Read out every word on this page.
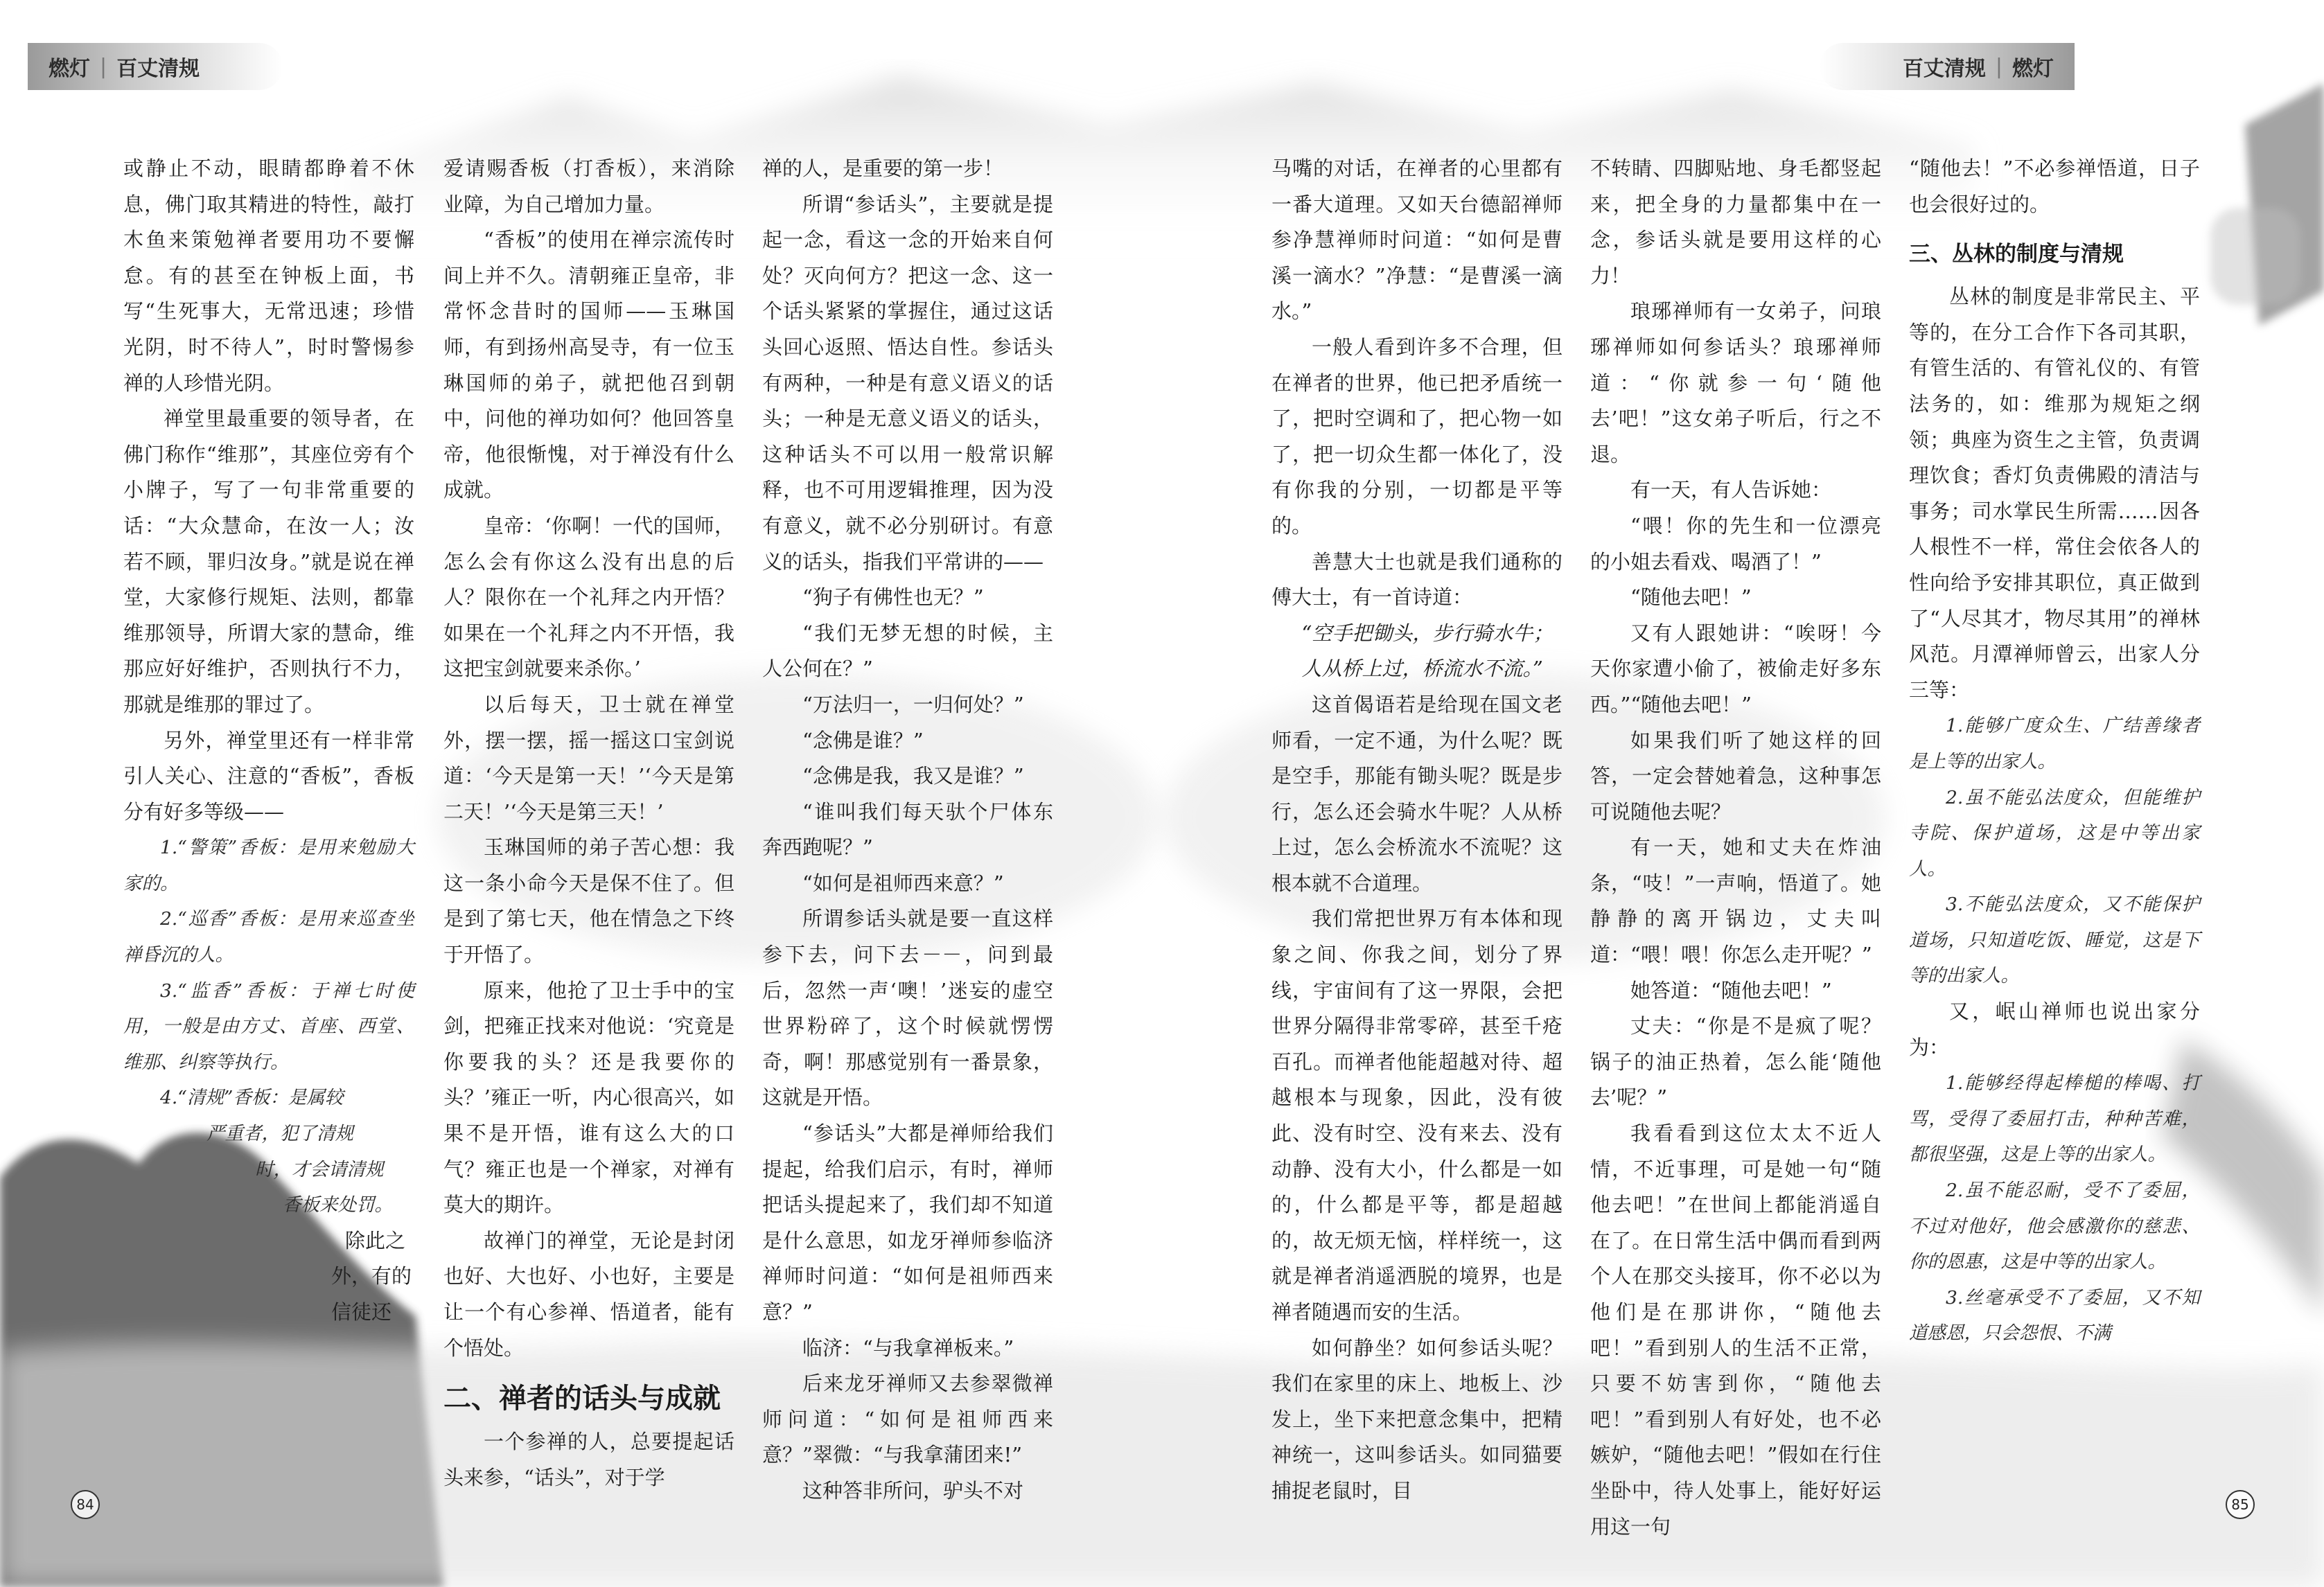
燃灯 | 百丈清规	百丈清规 | 燃灯

或静止不动，眼睛都睁着不休息，佛门取其精进的特性，敲打木鱼来策勉禅者要用功不要懈怠。有的甚至在钟板上面，书写“生死事大，无常迅速；珍惜光阴，时不待人”，时时警惕参禅的人珍惜光阴。

禅堂里最重要的领导者，在佛门称作“维那”，其座位旁有个小牌子，写了一句非常重要的话：“大众慧命，在汝一人；汝若不顾，罪归汝身。”就是说在禅堂，大家修行规矩、法则，都靠维那领导，所谓大家的慧命，维那应好好维护，否则执行不力，那就是维那的罪过了。

另外，禅堂里还有一样非常引人关心、注意的“香板”，香板分有好多等级——

1.“警策”香板：是用来勉励大家的。

2.“巡香”香板：是用来巡查坐禅昏沉的人。

3.“监香”香板：于禅七时使用，一般是由方丈、首座、西堂、维那、纠察等执行。

4.“清规”香板：是属较

严重者，犯了清规

时，才会请清规

香板来处罚。

除此之

外，有的

信徒还

爱请赐香板（打香板），来消除业障，为自己增加力量。

“香板”的使用在禅宗流传时间上并不久。清朝雍正皇帝，非常怀念昔时的国师——玉琳国师，有到扬州高旻寺，有一位玉琳国师的弟子，就把他召到朝中，问他的禅功如何？他回答皇帝，他很惭愧，对于禅没有什么成就。

皇帝：‘你啊！一代的国师，怎么会有你这么没有出息的后人？限你在一个礼拜之内开悟？如果在一个礼拜之内不开悟，我这把宝剑就要来杀你。’

以后每天，卫士就在禅堂外，摆一摆，摇一摇这口宝剑说道：‘今天是第一天！’‘今天是第二天！’‘今天是第三天！’

玉琳国师的弟子苦心想：我这一条小命今天是保不住了。但是到了第七天，他在情急之下终于开悟了。

原来，他抢了卫士手中的宝剑，把雍正找来对他说：‘究竟是你要我的头？还是我要你的头？’雍正一听，内心很高兴，如果不是开悟，谁有这么大的口气？雍正也是一个禅家，对禅有莫大的期许。

故禅门的禅堂，无论是封闭也好、大也好、小也好，主要是让一个有心参禅、悟道者，能有个悟处。

二、禅者的话头与成就

一个参禅的人，总要提起话头来参，“话头”，对于学

禅的人，是重要的第一步！

所谓“参话头”，主要就是提起一念，看这一念的开始来自何处？灭向何方？把这一念、这一个话头紧紧的掌握住，通过这话头回心返照、悟达自性。参话头有两种，一种是有意义语义的话头；一种是无意义语义的话头，这种话头不可以用一般常识解释，也不可用逻辑推理，因为没有意义，就不必分别研讨。有意义的话头，指我们平常讲的——

“狗子有佛性也无？”

“我们无梦无想的时候，主人公何在？”

“万法归一，一归何处？”

“念佛是谁？”

“念佛是我，我又是谁？”

“谁叫我们每天驮个尸体东奔西跑呢？”

“如何是祖师西来意？”

所谓参话头就是要一直这样参下去，问下去－－，问到最后，忽然一声‘噢！’迷妄的虚空世界粉碎了，这个时候就愣愣奇，啊！那感觉别有一番景象，这就是开悟。

“参话头”大都是禅师给我们提起，给我们启示，有时，禅师把话头提起来了，我们却不知道是什么意思，如龙牙禅师参临济禅师时问道：“如何是祖师西来意？”

临济：“与我拿禅板来。”

后来龙牙禅师又去参翠微禅师问道：“如何是祖师西来意？”翠微：“与我拿蒲团来!”

这种答非所问，驴头不对

马嘴的对话，在禅者的心里都有一番大道理。又如天台德韶禅师参净慧禅师时问道：“如何是曹溪一滴水？”净慧：“是曹溪一滴水。”

一般人看到许多不合理，但在禅者的世界，他已把矛盾统一了，把时空调和了，把心物一如了，把一切众生都一体化了，没有你我的分别，一切都是平等的。

善慧大士也就是我们通称的傅大士，有一首诗道：

“空手把锄头，步行骑水牛；

人从桥上过，桥流水不流。”

这首偈语若是给现在国文老师看，一定不通，为什么呢？既是空手，那能有锄头呢？既是步行，怎么还会骑水牛呢？人从桥上过，怎么会桥流水不流呢？这根本就不合道理。

我们常把世界万有本体和现象之间、你我之间，划分了界线，宇宙间有了这一界限，会把世界分隔得非常零碎，甚至千疮百孔。而禅者他能超越对待、超越根本与现象，因此，没有彼此、没有时空、没有来去、没有动静、没有大小，什么都是一如的，什么都是平等，都是超越的，故无烦无恼，样样统一，这就是禅者消遥洒脱的境界，也是禅者随遇而安的生活。

如何静坐？如何参话头呢？我们在家里的床上、地板上、沙发上，坐下来把意念集中，把精神统一，这叫参话头。如同猫要捕捉老鼠时，目

不转睛、四脚贴地、身毛都竖起来，把全身的力量都集中在一念，参话头就是要用这样的心力！

琅琊禅师有一女弟子，问琅琊禅师如何参话头？琅琊禅师道：“你就参一句‘随他去’吧！”这女弟子听后，行之不退。

有一天，有人告诉她：

“喂！你的先生和一位漂亮的小姐去看戏、喝酒了！”

“随他去吧！”

又有人跟她讲：“唉呀！今天你家遭小偷了，被偷走好多东西。”“随他去吧！”

如果我们听了她这样的回答，一定会替她着急，这种事怎可说随他去呢？

有一天，她和丈夫在炸油条，“吱！”一声响，悟道了。她静静的离开锅边，丈夫叫道：“喂！喂！你怎么走开呢？”

她答道：“随他去吧！”

丈夫：“你是不是疯了呢？锅子的油正热着，怎么能‘随他去’呢？”

我看看到这位太太不近人情，不近事理，可是她一句“随他去吧！”在世间上都能消遥自在了。在日常生活中偶而看到两个人在那交头接耳，你不必以为他们是在那讲你，“随他去吧！”看到别人的生活不正常，只要不妨害到你，“随他去吧！”看到别人有好处，也不必嫉妒，“随他去吧！”假如在行住坐卧中，待人处事上，能好好运用这一句

“随他去！”不必参禅悟道，日子也会很好过的。

三、丛林的制度与清规

丛林的制度是非常民主、平等的，在分工合作下各司其职，有管生活的、有管礼仪的、有管法务的，如：维那为规矩之纲领；典座为资生之主管，负责调理饮食；香灯负责佛殿的清洁与事务；司水掌民生所需……因各人根性不一样，常住会依各人的性向给予安排其职位，真正做到了“人尽其才，物尽其用”的禅林风范。月潭禅师曾云，出家人分三等：

1.能够广度众生、广结善缘者是上等的出家人。

2.虽不能弘法度众，但能维护寺院、保护道场，这是中等出家人。

3.不能弘法度众，又不能保护道场，只知道吃饭、睡觉，这是下等的出家人。

又，岷山禅师也说出家分为：

1.能够经得起棒槌的棒喝、打骂，受得了委屈打击，种种苦难，都很坚强，这是上等的出家人。

2.虽不能忍耐，受不了委屈，不过对他好，他会感激你的慈悲、你的恩惠，这是中等的出家人。

3.丝毫承受不了委屈，又不知道感恩，只会怨恨、不满

84	85
